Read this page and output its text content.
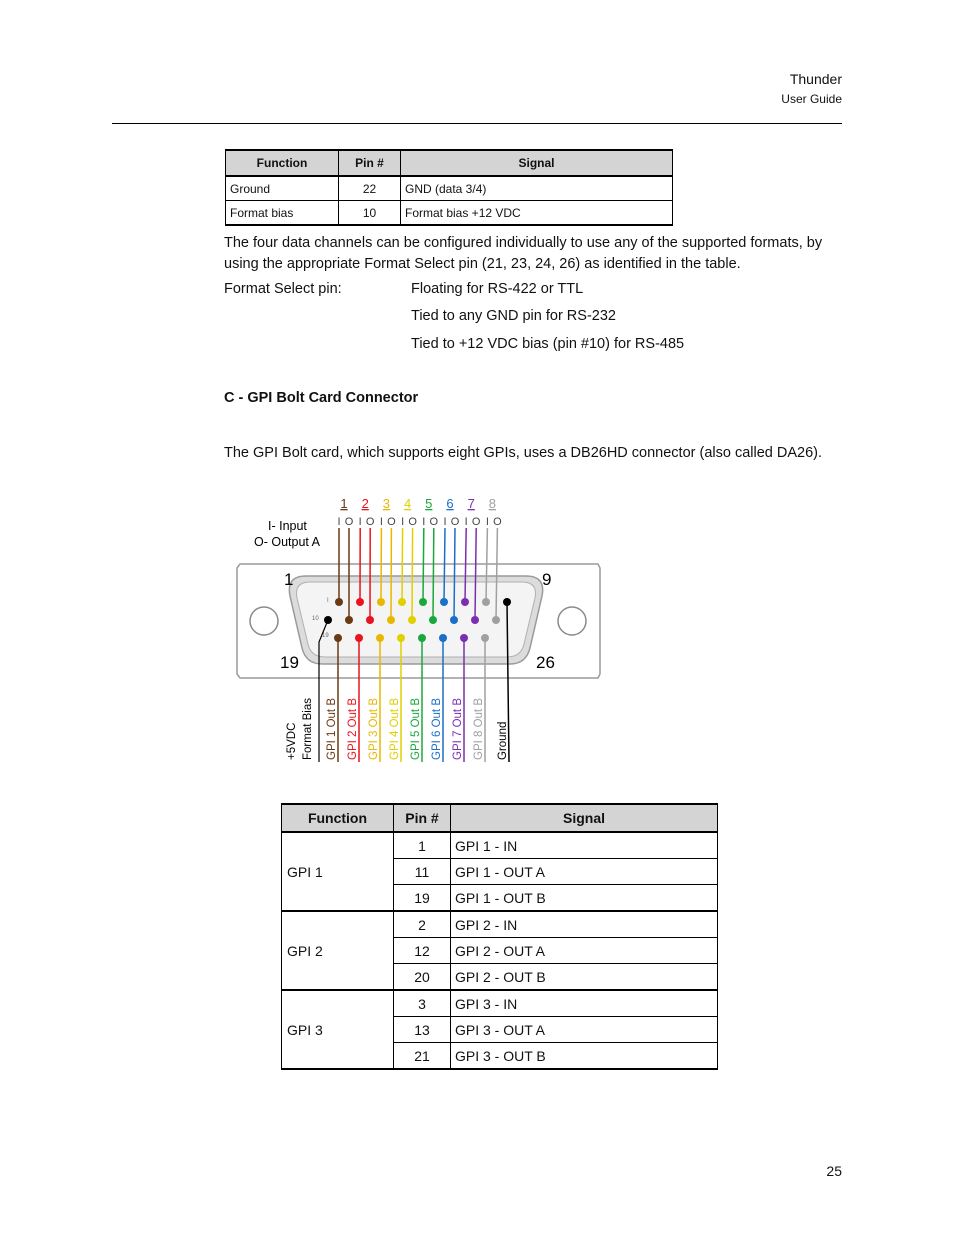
Thunder
User Guide
Function	Pin #	Signal
Ground	22	GND (data 3/4)
Format bias	10	Format bias +12 VDC
The four data channels can be configured individually to use any of the supported formats, by using the appropriate Format Select pin (21, 23, 24, 26) as identified in the table.
Format Select pin:	Floating for RS-422 or TTL
Tied to any GND pin for RS-232
Tied to +12 VDC bias (pin #10) for RS-485
C - GPI Bolt Card Connector
The GPI Bolt card, which supports eight GPIs, uses a DB26HD connector (also called DA26).
I- Input
O- Output A
1 2 3 4 5 6 7 8
I O I O I O I O I O I O I O I O
1	9
19	26
I
10
19
+5VDC Format Bias GPI 1 Out B GPI 2 Out B GPI 3 Out B GPI 4 Out B GPI 5 Out B GPI 6 Out B GPI 7 Out B GPI 8 Out B Ground
Function	Pin #	Signal
GPI 1	1	GPI 1 - IN
	11	GPI 1 - OUT A
	19	GPI 1 - OUT B
GPI 2	2	GPI 2 - IN
	12	GPI 2 - OUT A
	20	GPI 2 - OUT B
GPI 3	3	GPI 3 - IN
	13	GPI 3 - OUT A
	21	GPI 3 - OUT B
25
